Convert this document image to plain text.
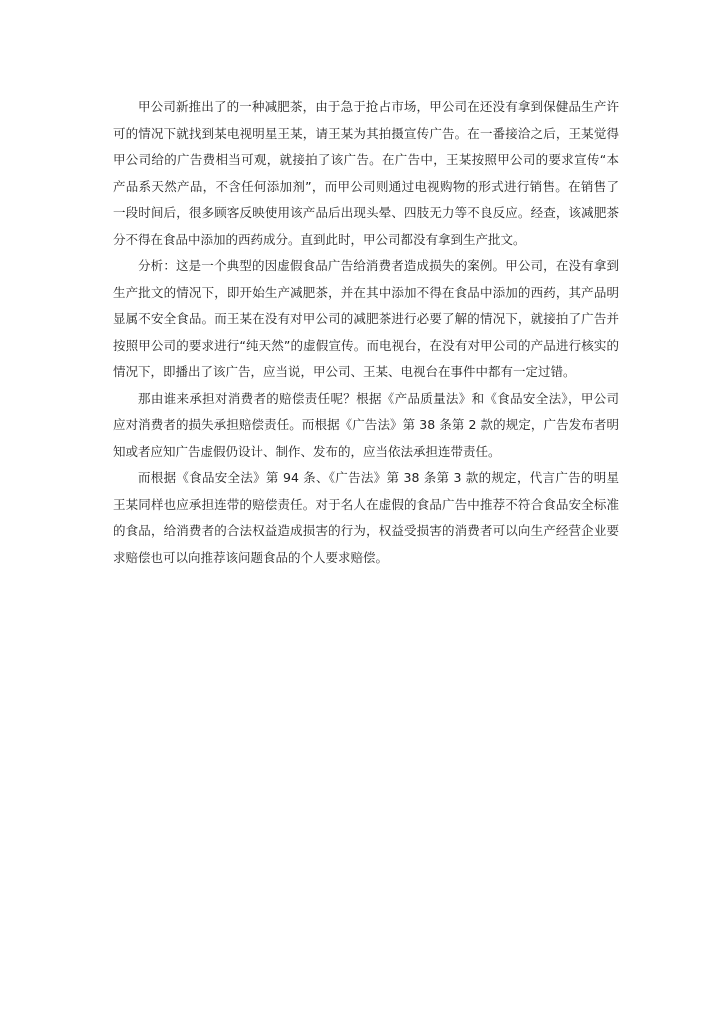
甲公司新推出了的一种减肥茶，由于急于抢占市场，甲公司在还没有拿到保健品生产许可的情况下就找到某电视明星王某，请王某为其拍摄宣传广告。在一番接洽之后，王某觉得甲公司给的广告费相当可观，就接拍了该广告。在广告中，王某按照甲公司的要求宣传“本产品系天然产品，不含任何添加剂”，而甲公司则通过电视购物的形式进行销售。在销售了一段时间后，很多顾客反映使用该产品后出现头晕、四肢无力等不良反应。经查，该减肥茶分不得在食品中添加的西药成分。直到此时，甲公司都没有拿到生产批文。

分析：这是一个典型的因虚假食品广告给消费者造成损失的案例。甲公司，在没有拿到生产批文的情况下，即开始生产减肥茶，并在其中添加不得在食品中添加的西药，其产品明显属不安全食品。而王某在没有对甲公司的减肥茶进行必要了解的情况下，就接拍了广告并按照甲公司的要求进行“纯天然”的虚假宣传。而电视台，在没有对甲公司的产品进行核实的情况下，即播出了该广告，应当说，甲公司、王某、电视台在事件中都有一定过错。

那由谁来承担对消费者的赔偿责任呢？根据《产品质量法》和《食品安全法》，甲公司应对消费者的损失承担赔偿责任。而根据《广告法》第 38 条第 2 款的规定，广告发布者明知或者应知广告虚假仍设计、制作、发布的，应当依法承担连带责任。

而根据《食品安全法》第 94 条、《广告法》第 38 条第 3 款的规定，代言广告的明星王某同样也应承担连带的赔偿责任。对于名人在虚假的食品广告中推荐不符合食品安全标准的食品，给消费者的合法权益造成损害的行为，权益受损害的消费者可以向生产经营企业要求赔偿也可以向推荐该问题食品的个人要求赔偿。
